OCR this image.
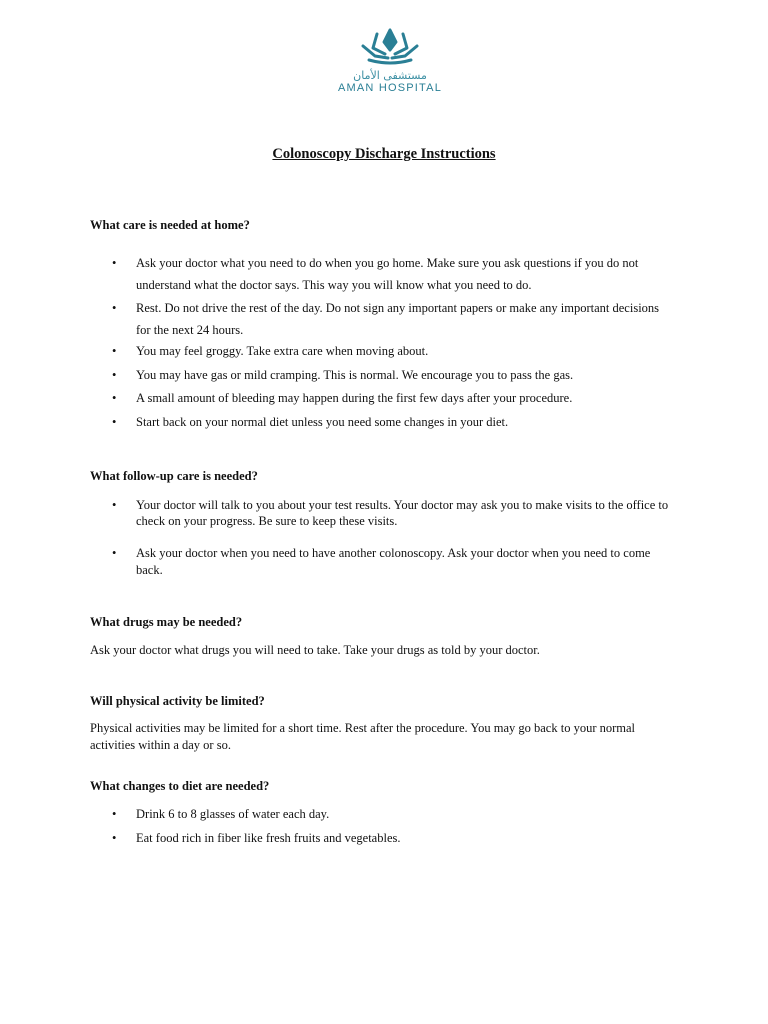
مستشفى الأمان
AMAN HOSPITAL
Colonoscopy Discharge Instructions
What care is needed at home?
• Ask your doctor what you need to do when you go home. Make sure you ask questions if you do not understand what the doctor says. This way you will know what you need to do.
• Rest. Do not drive the rest of the day. Do not sign any important papers or make any important decisions for the next 24 hours.
• You may feel groggy. Take extra care when moving about.
• You may have gas or mild cramping. This is normal. We encourage you to pass the gas.
• A small amount of bleeding may happen during the first few days after your procedure.
• Start back on your normal diet unless you need some changes in your diet.
What follow-up care is needed?
• Your doctor will talk to you about your test results. Your doctor may ask you to make visits to the office to check on your progress. Be sure to keep these visits.
• Ask your doctor when you need to have another colonoscopy. Ask your doctor when you need to come back.
What drugs may be needed?
Ask your doctor what drugs you will need to take. Take your drugs as told by your doctor.
Will physical activity be limited?
Physical activities may be limited for a short time. Rest after the procedure. You may go back to your normal activities within a day or so.
What changes to diet are needed?
• Drink 6 to 8 glasses of water each day.
• Eat food rich in fiber like fresh fruits and vegetables.
